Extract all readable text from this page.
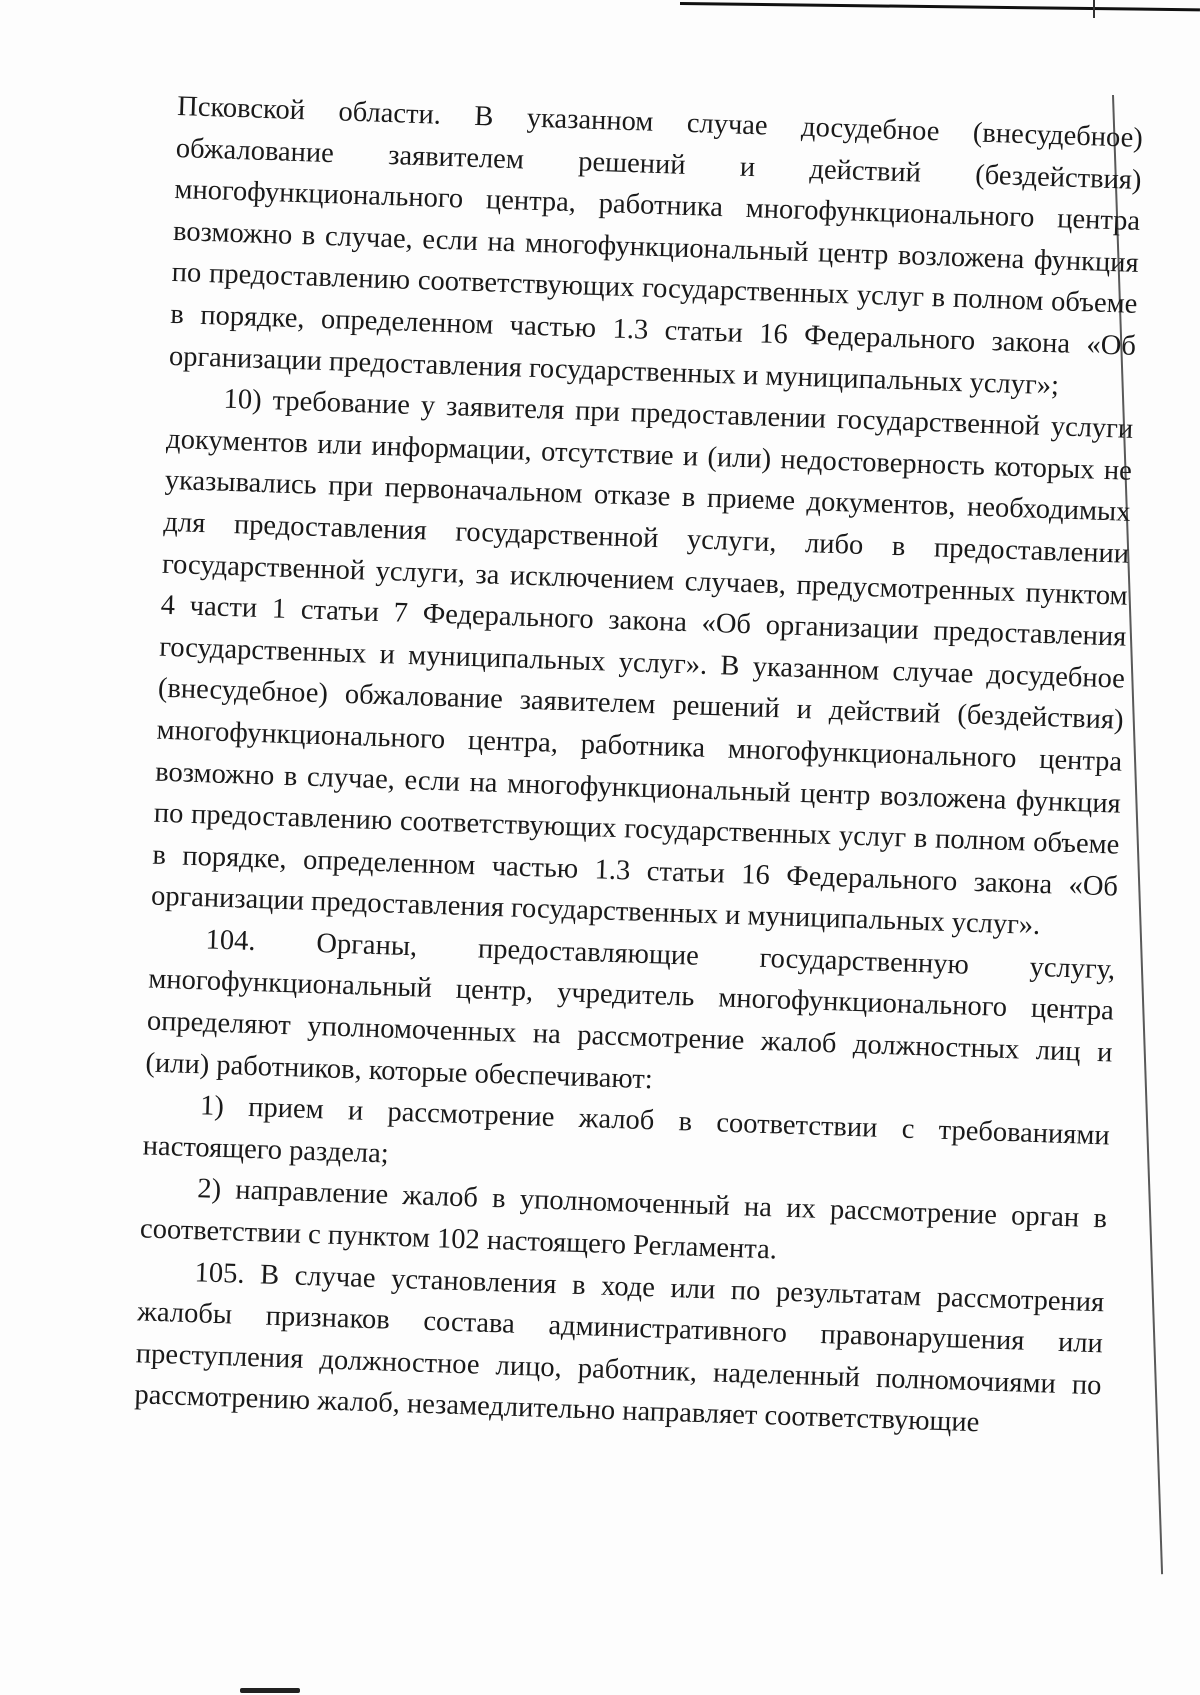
Псковской области. В указанном случае досудебное (внесудебное) обжалование заявителем решений и действий (бездействия) многофункционального центра, работника многофункционального центра возможно в случае, если на многофункциональный центр возложена функция по предоставлению соответствующих государственных услуг в полном объеме в порядке, определенном частью 1.3 статьи 16 Федерального закона «Об организации предоставления государственных и муниципальных услуг»;

10) требование у заявителя при предоставлении государственной услуги документов или информации, отсутствие и (или) недостоверность которых не указывались при первоначальном отказе в приеме документов, необходимых для предоставления государственной услуги, либо в предоставлении государственной услуги, за исключением случаев, предусмотренных пунктом 4 части 1 статьи 7 Федерального закона «Об организации предоставления государственных и муниципальных услуг». В указанном случае досудебное (внесудебное) обжалование заявителем решений и действий (бездействия) многофункционального центра, работника многофункционального центра возможно в случае, если на многофункциональный центр возложена функция по предоставлению соответствующих государственных услуг в полном объеме в порядке, определенном частью 1.3 статьи 16 Федерального закона «Об организации предоставления государственных и муниципальных услуг».

104. Органы, предоставляющие государственную услугу, многофункциональный центр, учредитель многофункционального центра определяют уполномоченных на рассмотрение жалоб должностных лиц и (или) работников, которые обеспечивают:

1) прием и рассмотрение жалоб в соответствии с требованиями настоящего раздела;

2) направление жалоб в уполномоченный на их рассмотрение орган в соответствии с пунктом 102 настоящего Регламента.

105. В случае установления в ходе или по результатам рассмотрения жалобы признаков состава административного правонарушения или преступления должностное лицо, работник, наделенный полномочиями по рассмотрению жалоб, незамедлительно направляет соответствующие
